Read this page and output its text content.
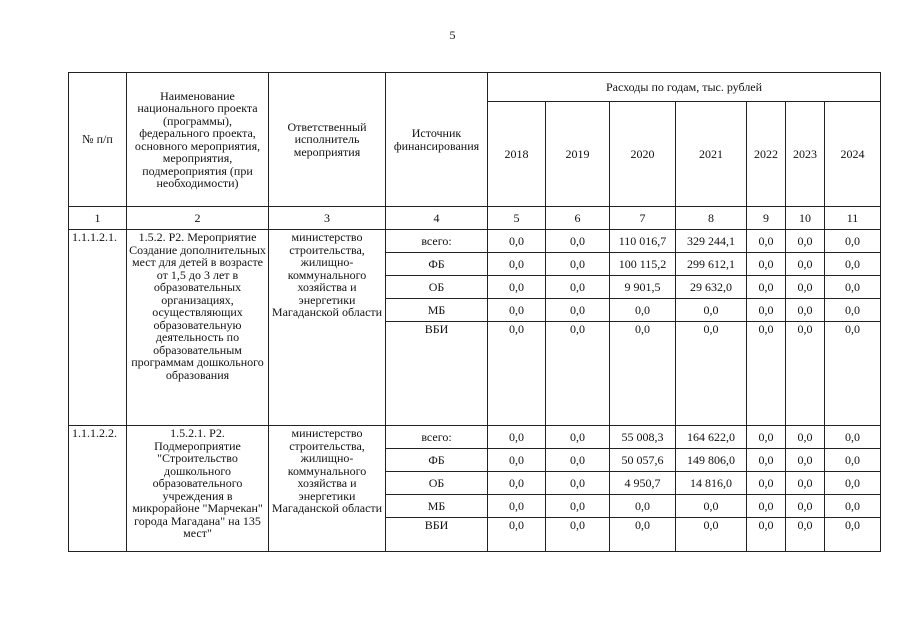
5
№ п/п	Наименование национального проекта (программы), федерального проекта, основного мероприятия, мероприятия, подмероприятия (при необходимости)	Ответственный исполнитель мероприятия	Источник финансирования	Расходы по годам, тыс. рублей						
				2018	2019	2020	2021	2022	2023	2024
1	2	3	4	5	6	7	8	9	10	11
1.1.1.2.1.	1.5.2. Р2. Мероприятие Создание дополнительных мест для детей в возрасте от 1,5 до 3 лет в образовательных организациях, осуществляющих образовательную деятельность по образовательным программам дошкольного образования	министерство строительства, жилищно-коммунального хозяйства и энергетики Магаданской области	всего:	0,0	0,0	110 016,7	329 244,1	0,0	0,0	0,0
			ФБ	0,0	0,0	100 115,2	299 612,1	0,0	0,0	0,0
			ОБ	0,0	0,0	9 901,5	29 632,0	0,0	0,0	0,0
			МБ	0,0	0,0	0,0	0,0	0,0	0,0	0,0
			ВБИ	0,0	0,0	0,0	0,0	0,0	0,0	0,0
1.1.1.2.2.	1.5.2.1. Р2. Подмероприятие "Строительство дошкольного образовательного учреждения в микрорайоне "Марчекан" города Магадана" на 135 мест"	министерство строительства, жилищно-коммунального хозяйства и энергетики Магаданской области	всего:	0,0	0,0	55 008,3	164 622,0	0,0	0,0	0,0
			ФБ	0,0	0,0	50 057,6	149 806,0	0,0	0,0	0,0
			ОБ	0,0	0,0	4 950,7	14 816,0	0,0	0,0	0,0
			МБ	0,0	0,0	0,0	0,0	0,0	0,0	0,0
			ВБИ	0,0	0,0	0,0	0,0	0,0	0,0	0,0
